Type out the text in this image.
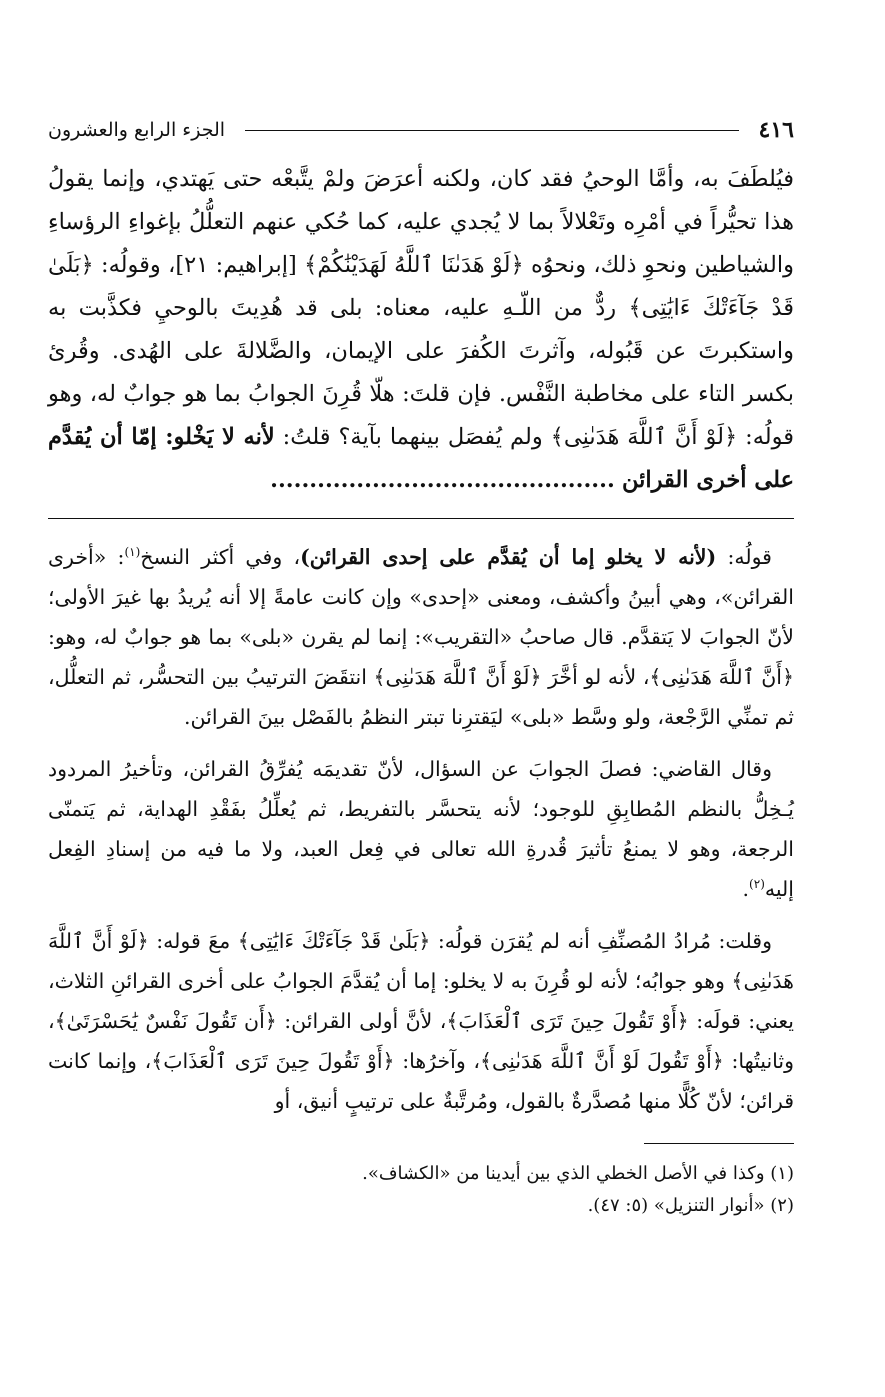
٤١٦
الجزء الرابع والعشرون

فيُلطَفَ به، وأمَّا الوحيُ فقد كان، ولكنه أعرَضَ ولمْ يتَّبعْه حتى يَهتدي، وإنما يقولُ هذا تحيُّراً في أمْرِه وتَعْلالاً بما لا يُجدي عليه، كما حُكي عنهم التعلُّلُ بإغواءِ الرؤساءِ والشياطين ونحوِ ذلك، ونحوُه ﴿لَوْ هَدَىٰنَا ٱللَّهُ لَهَدَيْنَٰكُمْ﴾ [إبراهيم: ٢١]، وقولُه: ﴿بَلَىٰ قَدْ جَآءَتْكَ ءَايَٰتِى﴾ ردٌّ من اللّـهِ عليه، معناه: بلى قد هُدِيتَ بالوحيِ فكذَّبت به واستكبرتَ عن قَبُوله، وآثرتَ الكُفرَ على الإيمان، والضَّلالةَ على الهُدى. وقُرئ بكسر التاء على مخاطبة النَّفْس. فإن قلتَ: هلّا قُرِنَ الجوابُ بما هو جوابٌ له، وهو قولُه: ﴿لَوْ أَنَّ ٱللَّهَ هَدَىٰنِى﴾ ولم يُفصَل بينهما بآية؟ قلتُ: لأنه لا يَخْلو: إمّا أن يُقدَّم على أخرى القرائن ............................................

قولُه: (لأنه لا يخلو إما أن يُقدَّم على إحدى القرائن)، وفي أكثر النسخ$^{(١)}$: «أخرى القرائن»، وهي أبينُ وأكشف، ومعنى «إحدى» وإن كانت عامةً إلا أنه يُريدُ بها غيرَ الأولى؛ لأنّ الجوابَ لا يَتقدَّم. قال صاحبُ «التقريب»: إنما لم يقرن «بلى» بما هو جوابٌ له، وهو: ﴿أَنَّ ٱللَّهَ هَدَىٰنِى﴾، لأنه لو أخَّرَ ﴿لَوْ أَنَّ ٱللَّهَ هَدَىٰنِى﴾ انتقَضَ الترتيبُ بين التحسُّر، ثم التعلُّل، ثم تمنِّي الرَّجْعة، ولو وسَّط «بلى» ليَقترِنا تبتر النظمُ بالفَصْل بينَ القرائن.

وقال القاضي: فصلَ الجوابَ عن السؤال، لأنّ تقديمَه يُفرِّقُ القرائن، وتأخيرُ المردود يُـخِلُّ بالنظم المُطابِقِ للوجود؛ لأنه يتحسَّر بالتفريط، ثم يُعلِّلُ بفَقْدِ الهداية، ثم يَتمنّى الرجعة، وهو لا يمنعُ تأثيرَ قُدرةِ الله تعالى في فِعل العبد، ولا ما فيه من إسنادِ الفِعل إليه$^{(٢)}$.

وقلت: مُرادُ المُصنِّفِ أنه لم يُقرَن قولُه: ﴿بَلَىٰ قَدْ جَآءَتْكَ ءَايَٰتِى﴾ معَ قوله: ﴿لَوْ أَنَّ ٱللَّهَ هَدَىٰنِى﴾ وهو جوابُه؛ لأنه لو قُرِنَ به لا يخلو: إما أن يُقدَّمَ الجوابُ على أخرى القرائنِ الثلاث، يعني: قولَه: ﴿أَوْ تَقُولَ حِينَ تَرَى ٱلْعَذَابَ﴾، لأنَّ أولى القرائن: ﴿أَن تَقُولَ نَفْسٌ يَٰحَسْرَتَىٰ﴾، وثانيتُها: ﴿أَوْ تَقُولَ لَوْ أَنَّ ٱللَّهَ هَدَىٰنِى﴾، وآخرُها: ﴿أَوْ تَقُولَ حِينَ تَرَى ٱلْعَذَابَ﴾، وإنما كانت قرائن؛ لأنّ كُلًّا منها مُصدَّرةٌ بالقول، ومُرتَّبةٌ على ترتيبٍ أنيق، أو

(١) وكذا في الأصل الخطي الذي بين أيدينا من «الكشاف».
(٢) «أنوار التنزيل» (٥: ٤٧).
